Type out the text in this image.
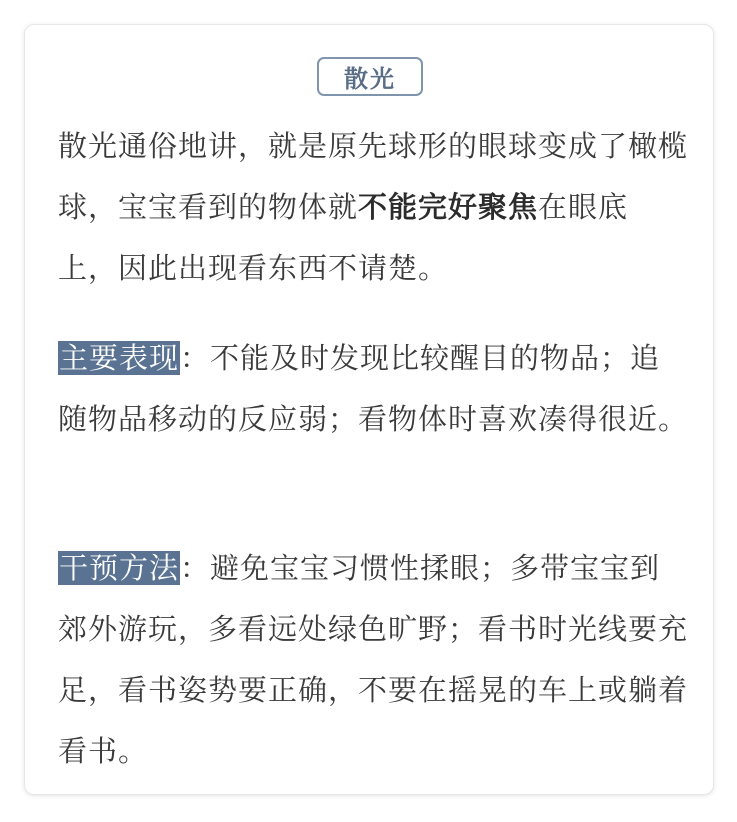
散光

散光通俗地讲，就是原先球形的眼球变成了橄榄球，宝宝看到的物体就不能完好聚焦在眼底上，因此出现看东西不请楚。

主要表现：不能及时发现比较醒目的物品；追随物品移动的反应弱；看物体时喜欢凑得很近。

干预方法：避免宝宝习惯性揉眼；多带宝宝到郊外游玩，多看远处绿色旷野；看书时光线要充足，看书姿势要正确，不要在摇晃的车上或躺着看书。
